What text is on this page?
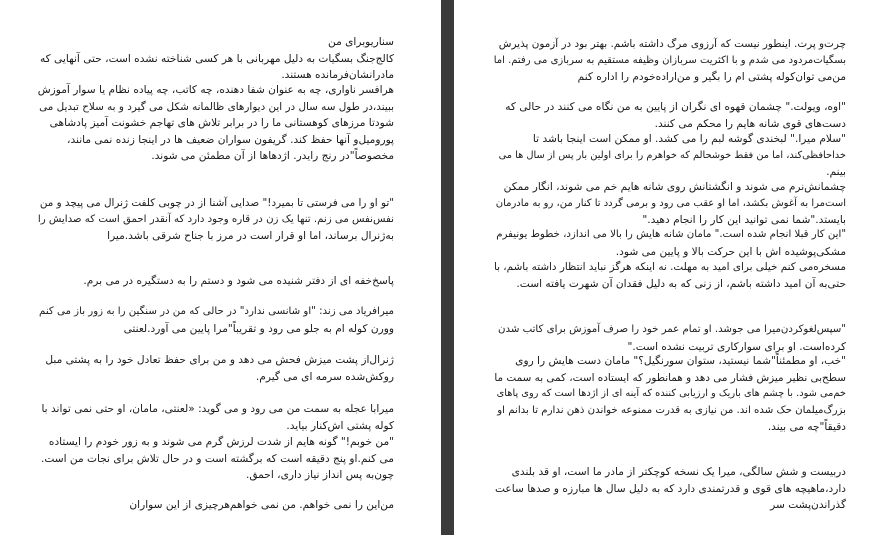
سناریوبرای من
کالج‌جنگ بسگیات به دلیل مهربانی با هر کسی شناخته نشده است، حتی آنهایی که
مادرانشان‌فرمانده هستند.

هرافسر ناواری، چه به عنوان شفا دهنده، چه کاتب، چه پیاده نظام یا سوار آموزش
ببیند،در طول سه سال در این دیوارهای ظالمانه شکل می گیرد و به سلاح تبدیل می
شودتا مرزهای کوهستانی ما را در برابر تلاش های تهاجم خشونت آمیز پادشاهی
پوروميل‌و آنها حفظ کند. گریفون سواران ضعیف ها در اینجا زنده نمی مانند،
مخصوصاً"در رنج رایدر. اژدهاها از آن مطمئن می شوند.

"تو او را می فرستی تا بمیرد!" صدایی آشنا از در چوبی کلفت ژنرال می پیچد و من
نفس‌نفس می زنم. تنها یک زن در قاره وجود دارد که آنقدر احمق است که صدایش را
به‌ژنرال برساند، اما او قرار است در مرز با جناح شرقی باشد.میرا

پاسخ‌خفه ای از دفتر شنیده می شود و دستم را به دستگیره در می برم.

میرافریاد می زند: "او شانسی ندارد" در حالی که من در سنگین را به زور باز می کنم
وورن کوله ام به جلو می رود و تقریباً"مرا پایین می آورد.لعنتی

ژنرال‌از پشت میزش فحش می دهد و من برای حفظ تعادل خود را به پشتی مبل
روکش‌شده سرمه ای می گیرم.

میرابا عجله به سمت من می رود و می گوید: «لعنتی، مامان، او حتی نمی تواند با
کوله پشتی اش‌کنار بیاید.
"من خوبم!" گونه هایم از شدت لرزش گرم می شوند و به زور خودم را ایستاده
می کنم.او پنج دقیقه است که برگشته است و در حال تلاش برای نجات من است.
چون‌به پس انداز نیاز داری، احمق.

من‌این را نمی خواهم. من نمی خواهم‌هرچیزی از این سواران

چرت‌و پرت. اینطور نیست که آرزوی مرگ داشته باشم. بهتر بود در آزمون پذیرش
بسگیات‌مردود می شدم و با اکثریت سربازان وظیفه مستقیم به سربازی می رفتم. اما
من‌می توان‌کوله پشتی ام را بگیر و من‌اراده‌خودم را اداره کنم

"اوه، ویولت." چشمان قهوه ای نگران از پایین به من نگاه می کنند در حالی که
دست‌های قوی شانه هایم را محکم می کنند.

"سلام میرا." لبخندی گوشه لبم را می کشد. او ممکن است اینجا باشد تا
خداحافظی‌کند، اما من فقط خوشحالم که خواهرم را برای اولین بار پس از سال ها می
بینم.

چشمانش‌نرم می شوند و انگشتانش روی شانه هایم خم می شوند، انگار ممکن
است‌مرا به آغوش بکشد، اما او عقب می رود و برمی گردد تا کنار من، رو به مادرمان
بایستد."شما نمی توانید این کار را انجام دهید."

"این کار قبلا انجام شده است." مامان شانه هایش را بالا می اندازد، خطوط یونیفرم
مشکی‌پوشیده اش با این حرکت بالا و پایین می شود.

مسخره‌می کنم خیلی برای امید به مهلت. نه اینکه هرگز نباید انتظار داشته باشم، با
حتی‌به آن امید داشته باشم، از زنی که به دلیل فقدان آن شهرت یافته است.

"سپس‌لغو‌کردن‌میرا می جوشد. او تمام عمر خود را صرف آموزش برای کاتب شدن
کرده‌است. او برای سوارکاری تربیت نشده است."

"خب، او مطمئناً"شما نیستید، ستوان سورنگیل؟" مامان دست هایش را روی
سطح‌بی نظیر میزش فشار می دهد و همانطور که ایستاده است، کمی به سمت ما
خم‌می شود. با چشم های باریک و ارزیابی کننده که آینه ای از اژدها است که روی پاهای
بزرگ‌میلمان حک شده اند. من نیازی به قدرت ممنوعه خواندن ذهن ندارم تا بدانم او
دقیقاً"چه می بیند.

دربیست و شش سالگی، میرا یک نسخه کوچکتر از مادر ما است، او قد بلندی
دارد،ماهیچه های قوی و قدرتمندی دارد که به دلیل سال ها مبارزه و صدها ساعت
گذراندن‌پشت سر
